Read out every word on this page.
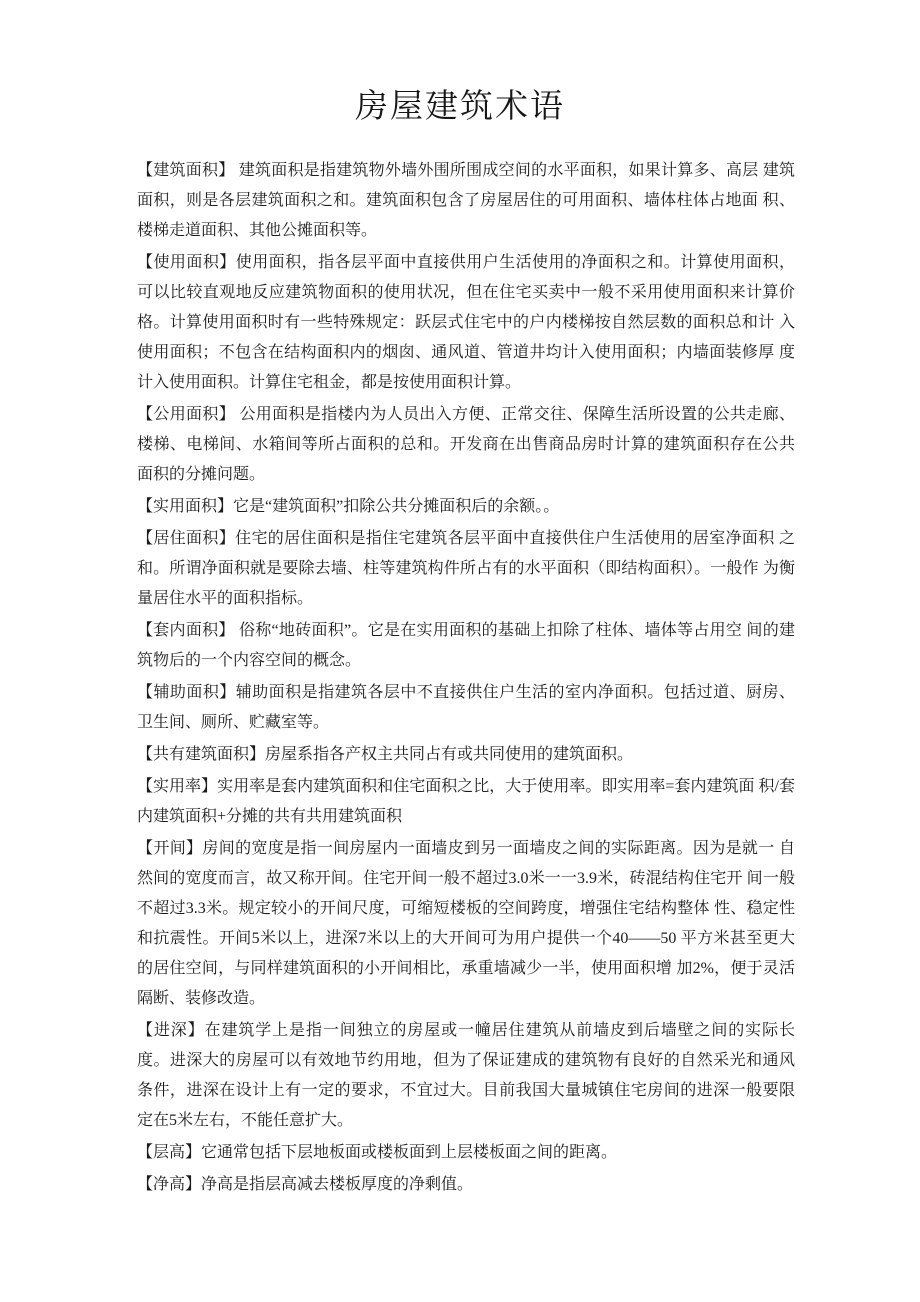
房屋建筑术语

【建筑面积】 建筑面积是指建筑物外墙外围所围成空间的水平面积，如果计算多、高层 建筑面积，则是各层建筑面积之和。建筑面积包含了房屋居住的可用面积、墙体柱体占地面 积、楼梯走道面积、其他公摊面积等。

【使用面积】使用面积，指各层平面中直接供用户生活使用的净面积之和。计算使用面积， 可以比较直观地反应建筑物面积的使用状况，但在住宅买卖中一般不采用使用面积来计算价 格。计算使用面积时有一些特殊规定：跃层式住宅中的户内楼梯按自然层数的面积总和计 入使用面积；不包含在结构面积内的烟囱、通风道、管道井均计入使用面积；内墙面装修厚 度计入使用面积。计算住宅租金，都是按使用面积计算。

【公用面积】 公用面积是指楼内为人员出入方便、正常交往、保障生活所设置的公共走廊、 楼梯、电梯间、水箱间等所占面积的总和。开发商在出售商品房时计算的建筑面积存在公共 面积的分摊问题。

【实用面积】它是“建筑面积”扣除公共分摊面积后的余额。。

【居住面积】住宅的居住面积是指住宅建筑各层平面中直接供住户生活使用的居室净面积 之和。所谓净面积就是要除去墙、柱等建筑构件所占有的水平面积（即结构面积）。一般作 为衡量居住水平的面积指标。

【套内面积】 俗称“地砖面积”。它是在实用面积的基础上扣除了柱体、墙体等占用空 间的建筑物后的一个内容空间的概念。

【辅助面积】辅助面积是指建筑各层中不直接供住户生活的室内净面积。包括过道、厨房、 卫生间、厕所、贮藏室等。

【共有建筑面积】房屋系指各产权主共同占有或共同使用的建筑面积。

【实用率】实用率是套内建筑面积和住宅面积之比，大于使用率。即实用率=套内建筑面 积/套内建筑面积+分摊的共有共用建筑面积

【开间】房间的宽度是指一间房屋内一面墙皮到另一面墙皮之间的实际距离。因为是就一 自然间的宽度而言，故又称开间。住宅开间一般不超过3.0米一一3.9米，砖混结构住宅开 间一般不超过3.3米。规定较小的开间尺度，可缩短楼板的空间跨度，增强住宅结构整体 性、稳定性和抗震性。开间5米以上，进深7米以上的大开间可为用户提供一个40——50 平方米甚至更大的居住空间，与同样建筑面积的小开间相比，承重墙减少一半，使用面积增 加2%，便于灵活隔断、装修改造。

【进深】在建筑学上是指一间独立的房屋或一幢居住建筑从前墙皮到后墙壁之间的实际长 度。进深大的房屋可以有效地节约用地，但为了保证建成的建筑物有良好的自然采光和通风 条件，进深在设计上有一定的要求，不宜过大。目前我国大量城镇住宅房间的进深一般要限  定在5米左右，不能任意扩大。

【层高】它通常包括下层地板面或楼板面到上层楼板面之间的距离。

【净高】净高是指层高减去楼板厚度的净剩值。
